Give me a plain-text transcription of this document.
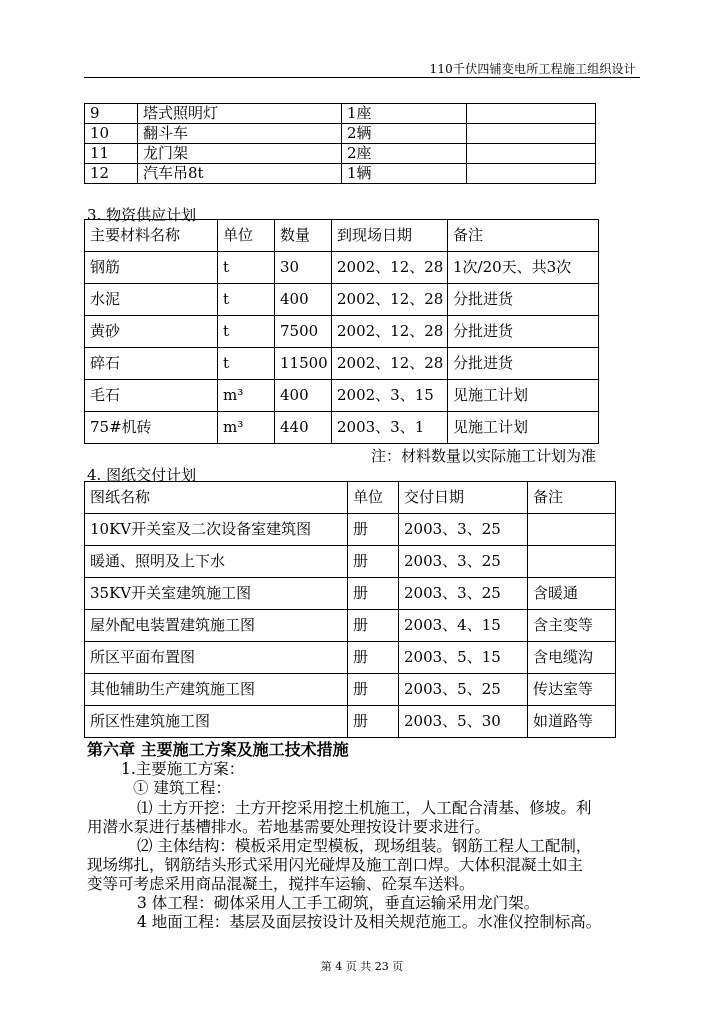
110千伏四铺变电所工程施工组织设计
9	塔式照明灯	1座	
10	翻斗车	2辆	
11	龙门架	2座	
12	汽车吊8t	1辆	
3. 物资供应计划
主要材料名称	单位	数量	到现场日期	备注
钢筋	t	30	2002、12、28	1次/20天、共3次
水泥	t	400	2002、12、28	分批进货
黄砂	t	7500	2002、12、28	分批进货
碎石	t	11500	2002、12、28	分批进货
毛石	m³	400	2002、3、15	见施工计划
75#机砖	m³	440	2003、3、1	见施工计划
注：材料数量以实际施工计划为准
4. 图纸交付计划
图纸名称	单位	交付日期	备注
10KV开关室及二次设备室建筑图	册	2003、3、25	
暖通、照明及上下水	册	2003、3、25	
35KV开关室建筑施工图	册	2003、3、25	含暖通
屋外配电装置建筑施工图	册	2003、4、15	含主变等
所区平面布置图	册	2003、5、15	含电缆沟
其他辅助生产建筑施工图	册	2003、5、25	传达室等
所区性建筑施工图	册	2003、5、30	如道路等
第六章 主要施工方案及施工技术措施
1.主要施工方案：
① 建筑工程：
⑴ 土方开挖：土方开挖采用挖土机施工，人工配合清基、修坡。利
用潜水泵进行基槽排水。若地基需要处理按设计要求进行。
⑵ 主体结构：模板采用定型模板，现场组装。钢筋工程人工配制，
现场绑扎，钢筋结头形式采用闪光碰焊及施工剖口焊。大体积混凝土如主
变等可考虑采用商品混凝土，搅拌车运输、砼泵车送料。
3 体工程：砌体采用人工手工砌筑，垂直运输采用龙门架。
4 地面工程：基层及面层按设计及相关规范施工。水准仪控制标高。
第 4 页 共 23 页
